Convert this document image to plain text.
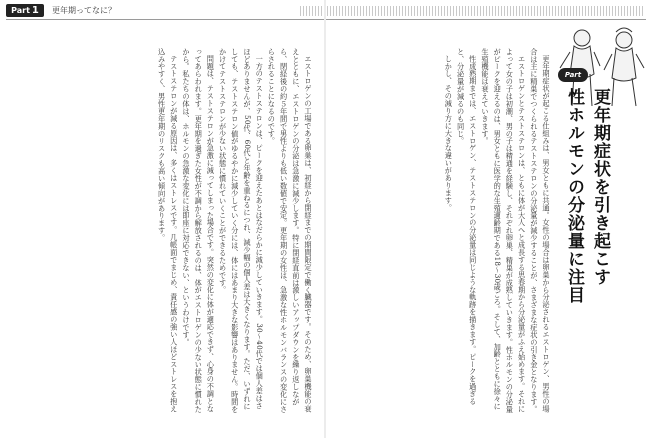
Part 1 更年期ってなに？
Part
更年期症状を引き起こす
性ホルモンの分泌量に注目

更年期症状が起こる仕組みは、男女ともに共通。女性の場合は卵巣から分泌されるエストロゲン、男性の場合は主に精巣でつくられるテストステロンの分泌量が減少することが、さまざまな症状の引き金となります。

エストロゲンとテストステロンは、ともに体が大人へと成長する思春期から分泌量がふえ始めます。それによって女の子は初潮、男の子は精通を経験し、それぞれ卵巣、精巣が成熟していきます。性ホルモンの分泌量がピークを迎えるのは、男女ともに医学的な生殖適齢期である18〜30歳ごろ。そして、加齢とともに徐々に生殖機能は衰えていきます。

性成熟期までは、エストロゲン、テストステロンの分泌量は同じような軌跡を描きます。ピークを過ぎると、分泌量が減るのも同じ。

しかし、その減り方に大きな違いがあります。

エストロゲンの工場である卵巣は、初経から閉経までの期間限定で働く臓器です。そのため、卵巣機能の衰えとともに、エストロゲンの分泌は急激に減少します。特に閉経直前は激しいアップダウンを繰り返しながら、閉経後の約５年間で男性よりも低い数値で安定。更年期の女性は、急激な性ホルモンバランスの変化にさらされることになるのです。

一方のテストステロンは、ピークを迎えたあとはなだらかに減少していきます。30〜40代では個人差はさほどありませんが、50代、60代と年齢を重ねるにつれ、減少幅の個人差は大きくなります。ただ、いずれにしても、テストステロン値がゆるやかに減少していく分には、体にはあまり大きな影響はありません。時間をかけてテストステロンが少ない状態に慣れていくことができるためです。

問題は、テストステロンが急激に減ってしまった場合です。突然の変化に体が適応できず、心身の不調となってあらわれます。更年期を過ぎた女性が不調から解放されるのは、体がエストロゲンの少ない状態に慣れたから。私たちの体は、ホルモンの急激な変化には即座に対応できない、というわけです。

テストステロンが減る原因は、多くはストレスです。几帳面でまじめ、責任感の強い人ほどストレスを抱え込みやすく、男性更年期のリスクも高い傾向があります。
